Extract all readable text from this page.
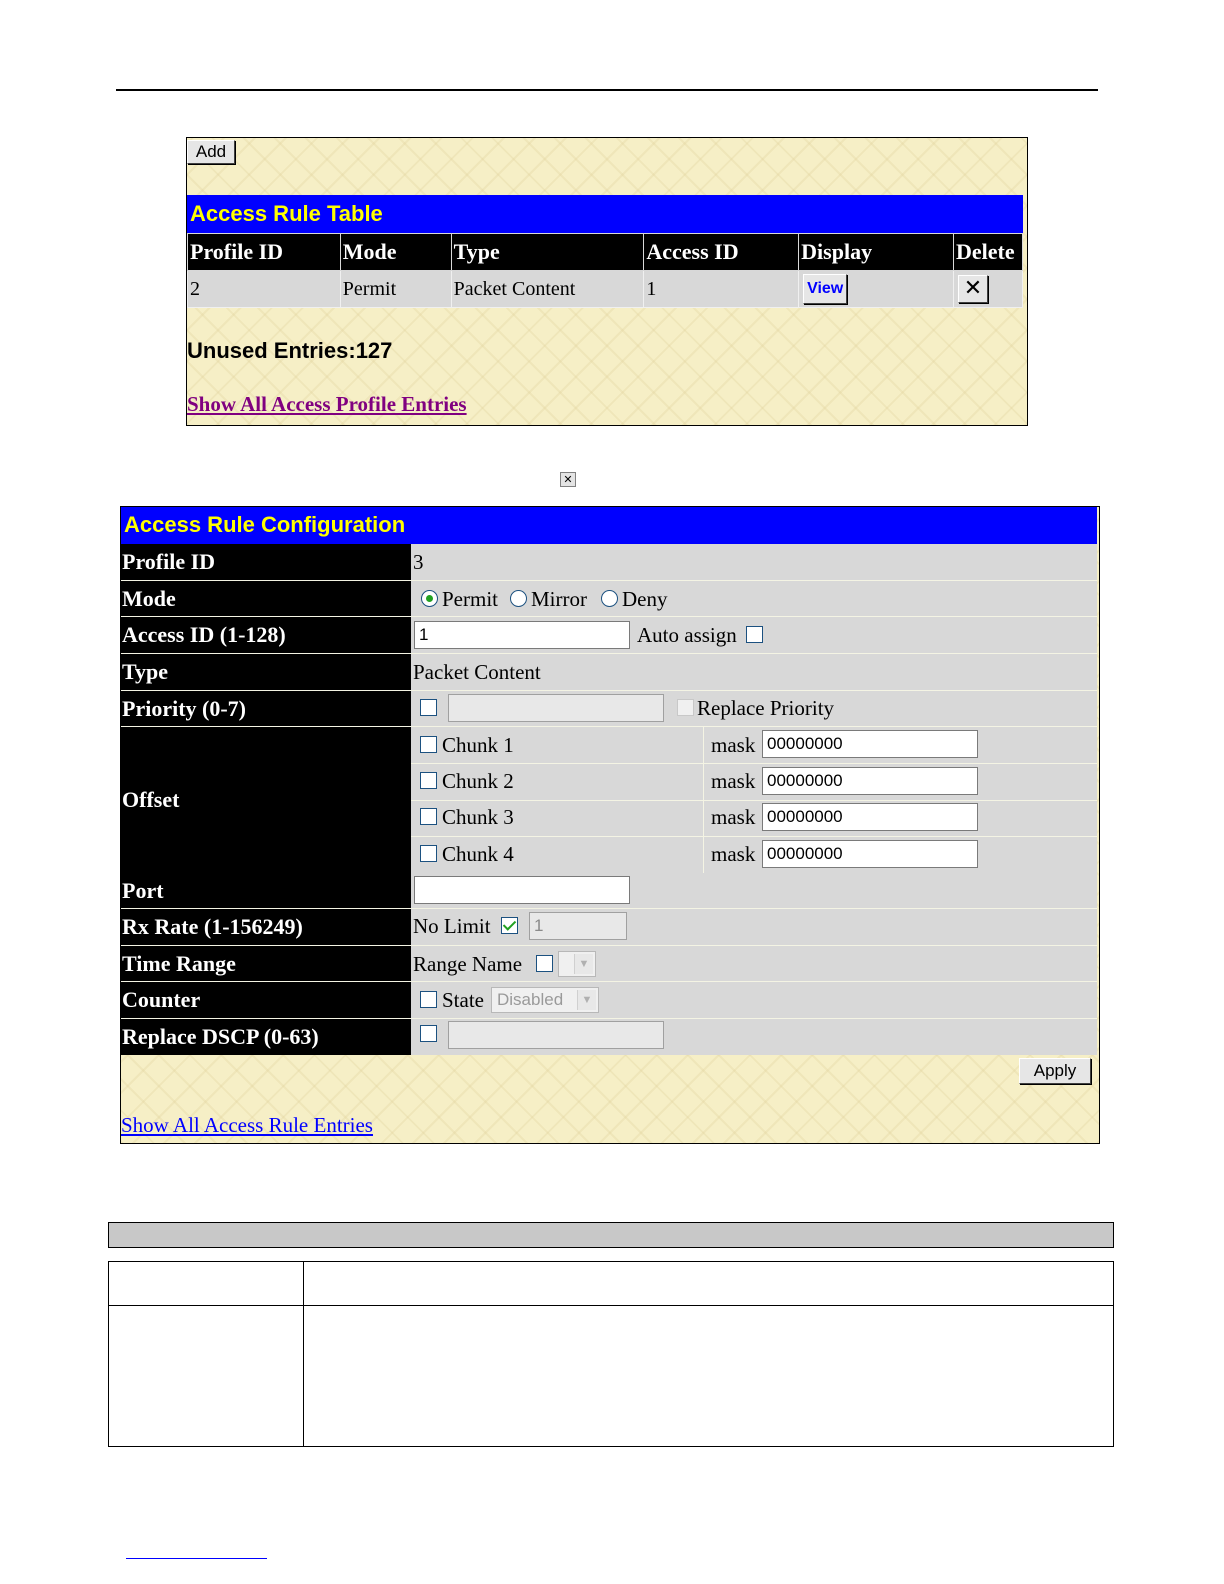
Add
Access Rule Table
Profile ID	Mode	Type	Access ID	Display	Delete
2	Permit	Packet Content	1	View	✕
Unused Entries:127
Show All Access Profile Entries
✕
Access Rule Configuration
Profile ID	3
Mode	Permit Mirror Deny
Access ID (1-128)	1	Auto assign
Type	Packet Content
Priority (0-7)	Replace Priority
Offset
Chunk 1	mask 00000000
Chunk 2	mask 00000000
Chunk 3	mask 00000000
Chunk 4	mask 00000000
Port
Rx Rate (1-156249)	No Limit	1
Time Range	Range Name	▼
Counter	State Disabled	▼
Replace DSCP (0-63)
Apply
Show All Access Rule Entries
